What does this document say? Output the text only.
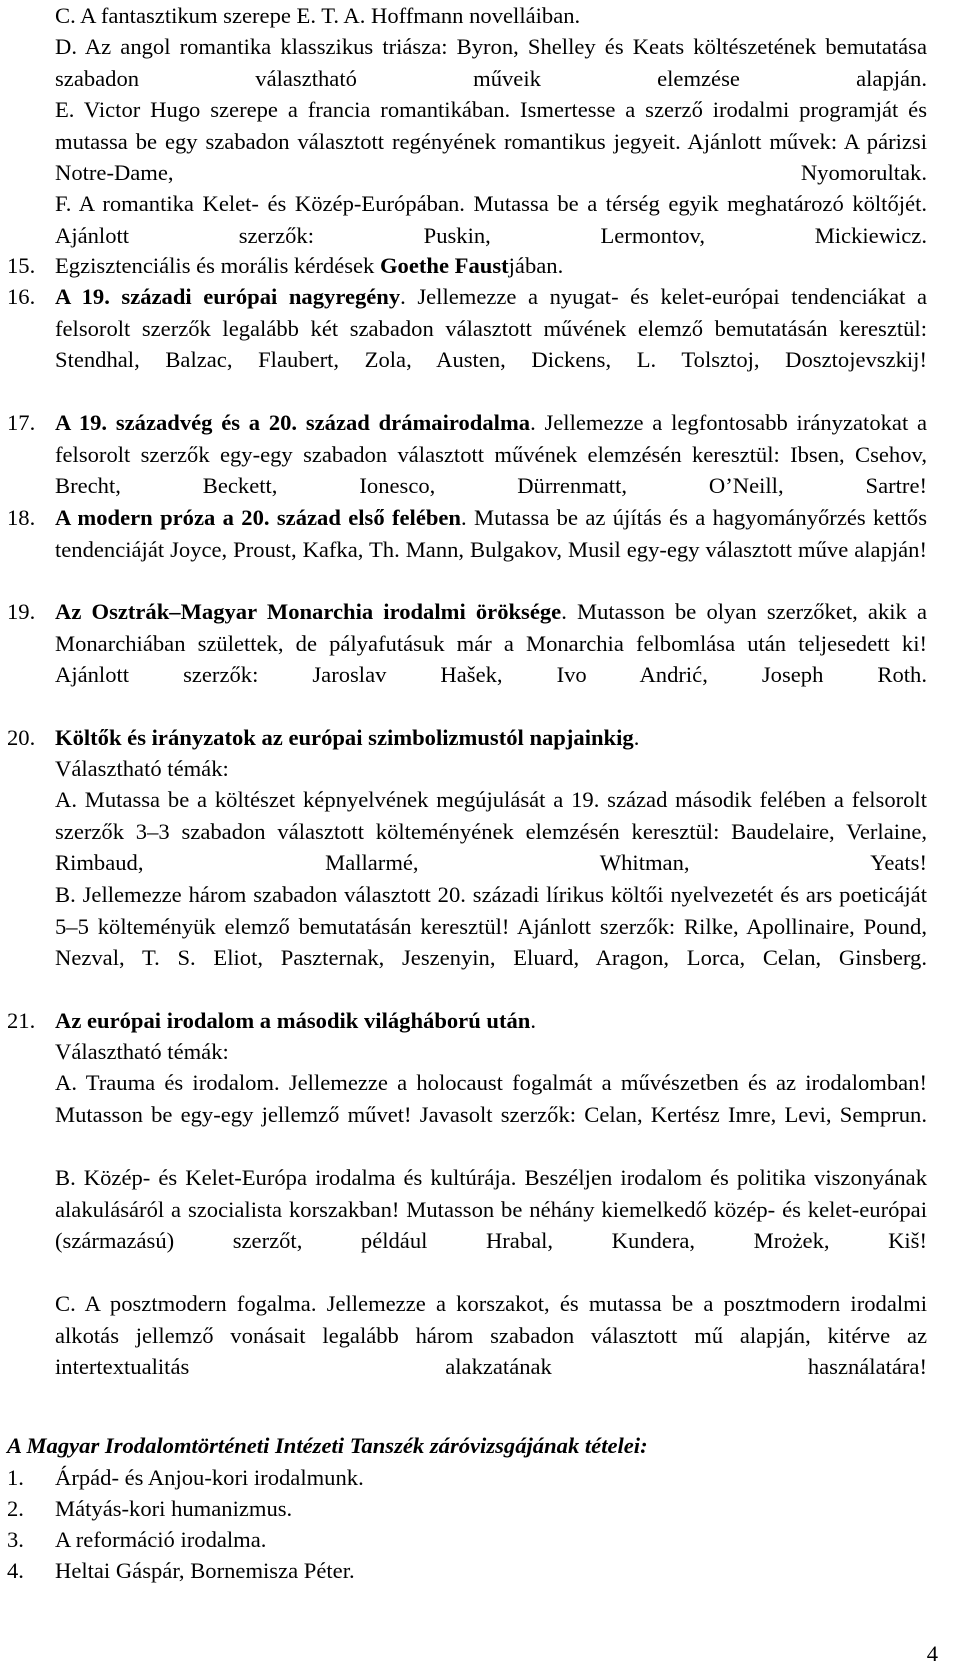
C. A fantasztikum szerepe E. T. A. Hoffmann novelláiban.
D. Az angol romantika klasszikus triásza: Byron, Shelley és Keats költészetének bemutatása szabadon választható műveik elemzése alapján.
E. Victor Hugo szerepe a francia romantikában. Ismertesse a szerző irodalmi programját és mutassa be egy szabadon választott regényének romantikus jegyeit. Ajánlott művek: A párizsi Notre-Dame, Nyomorultak.
F. A romantika Kelet- és Közép-Európában. Mutassa be a térség egyik meghatározó költőjét. Ajánlott szerzők: Puskin, Lermontov, Mickiewicz.
15. Egzisztenciális és morális kérdések Goethe Faustjában.
16. A 19. századi európai nagyregény. Jellemezze a nyugat- és kelet-európai tendenciákat a felsorolt szerzők legalább két szabadon választott művének elemző bemutatásán keresztül: Stendhal, Balzac, Flaubert, Zola, Austen, Dickens, L. Tolsztoj, Dosztojevszkij!
17. A 19. századvég és a 20. század drámairodalma. Jellemezze a legfontosabb irányzatokat a felsorolt szerzők egy-egy szabadon választott művének elemzésén keresztül: Ibsen, Csehov, Brecht, Beckett, Ionesco, Dürrenmatt, O’Neill, Sartre!
18. A modern próza a 20. század első felében. Mutassa be az újítás és a hagyományőrzés kettős tendenciáját Joyce, Proust, Kafka, Th. Mann, Bulgakov, Musil egy-egy választott műve alapján!
19. Az Osztrák–Magyar Monarchia irodalmi öröksége. Mutasson be olyan szerzőket, akik a Monarchiában születtek, de pályafutásuk már a Monarchia felbomlása után teljesedett ki! Ajánlott szerzők: Jaroslav Hašek, Ivo Andrić, Joseph Roth.
20. Költők és irányzatok az európai szimbolizmustól napjainkig.
Választható témák:
A. Mutassa be a költészet képnyelvének megújulását a 19. század második felében a felsorolt szerzők 3–3 szabadon választott költeményének elemzésén keresztül: Baudelaire, Verlaine, Rimbaud, Mallarmé, Whitman, Yeats!
B. Jellemezze három szabadon választott 20. századi lírikus költői nyelvezetét és ars poeticáját 5–5 költeményük elemző bemutatásán keresztül! Ajánlott szerzők: Rilke, Apollinaire, Pound, Nezval, T. S. Eliot, Paszternak, Jeszenyin, Eluard, Aragon, Lorca, Celan, Ginsberg.
21. Az európai irodalom a második világháború után.
Választható témák:
A. Trauma és irodalom. Jellemezze a holocaust fogalmát a művészetben és az irodalomban! Mutasson be egy-egy jellemző művet! Javasolt szerzők: Celan, Kertész Imre, Levi, Semprun.
B. Közép- és Kelet-Európa irodalma és kultúrája. Beszéljen irodalom és politika viszonyának alakulásáról a szocialista korszakban! Mutasson be néhány kiemelkedő közép- és kelet-európai (származású) szerzőt, például Hrabal, Kundera, Mrożek, Kiš!
C. A posztmodern fogalma. Jellemezze a korszakot, és mutassa be a posztmodern irodalmi alkotás jellemző vonásait legalább három szabadon választott mű alapján, kitérve az intertextualitás alakzatának használatára!
A Magyar Irodalomtörténeti Intézeti Tanszék záróvizsgájának tételei:
1.	Árpád- és Anjou-kori irodalmunk.
2.	Mátyás-kori humanizmus.
3.	A reformáció irodalma.
4.	Heltai Gáspár, Bornemisza Péter.
4
